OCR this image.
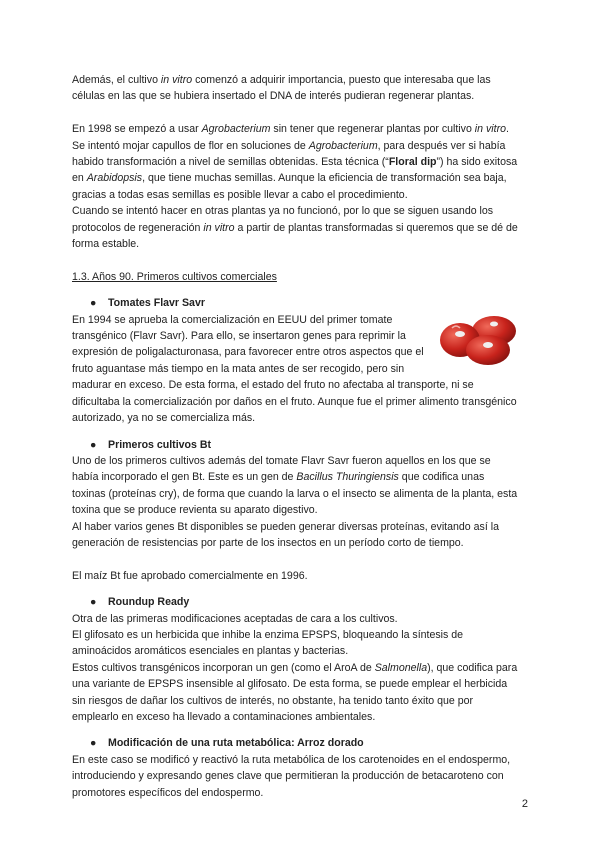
Además, el cultivo in vitro comenzó a adquirir importancia, puesto que interesaba que las células en las que se hubiera insertado el DNA de interés pudieran regenerar plantas.

En 1998 se empezó a usar Agrobacterium sin tener que regenerar plantas por cultivo in vitro. Se intentó mojar capullos de flor en soluciones de Agrobacterium, para después ver si había habido transformación a nivel de semillas obtenidas. Esta técnica (“Floral dip”) ha sido exitosa en Arabidopsis, que tiene muchas semillas. Aunque la eficiencia de transformación sea baja, gracias a todas esas semillas es posible llevar a cabo el procedimiento.

Cuando se intentó hacer en otras plantas ya no funcionó, por lo que se siguen usando los protocolos de regeneración in vitro a partir de plantas transformadas si queremos que se dé de forma estable.

1.3. Años 90. Primeros cultivos comerciales

● Tomates Flavr Savr

En 1994 se aprueba la comercialización en EEUU del primer tomate transgénico (Flavr Savr). Para ello, se insertaron genes para reprimir la expresión de poligalacturonasa, para favorecer entre otros aspectos que el fruto aguantase más tiempo en la mata antes de ser recogido, pero sin madurar en exceso. De esta forma, el estado del fruto no afectaba al transporte, ni se dificultaba la comercialización por daños en el fruto. Aunque fue el primer alimento transgénico autorizado, ya no se comercializa más.

● Primeros cultivos Bt

Uno de los primeros cultivos además del tomate Flavr Savr fueron aquellos en los que se había incorporado el gen Bt. Este es un gen de Bacillus Thuringiensis que codifica unas toxinas (proteínas cry), de forma que cuando la larva o el insecto se alimenta de la planta, esta toxina que se produce revienta su aparato digestivo.

Al haber varios genes Bt disponibles se pueden generar diversas proteínas, evitando así la generación de resistencias por parte de los insectos en un período corto de tiempo.

El maíz Bt fue aprobado comercialmente en 1996.

● Roundup Ready

Otra de las primeras modificaciones aceptadas de cara a los cultivos.

El glifosato es un herbicida que inhibe la enzima EPSPS, bloqueando la síntesis de aminoácidos aromáticos esenciales en plantas y bacterias.

Estos cultivos transgénicos incorporan un gen (como el AroA de Salmonella), que codifica para una variante de EPSPS insensible al glifosato. De esta forma, se puede emplear el herbicida sin riesgos de dañar los cultivos de interés, no obstante, ha tenido tanto éxito que por emplearlo en exceso ha llevado a contaminaciones ambientales.

● Modificación de una ruta metabólica: Arroz dorado

En este caso se modificó y reactivó la ruta metabólica de los carotenoides en el endospermo, introduciendo y expresando genes clave que permitieran la producción de betacaroteno con promotores específicos del endospermo.

2
